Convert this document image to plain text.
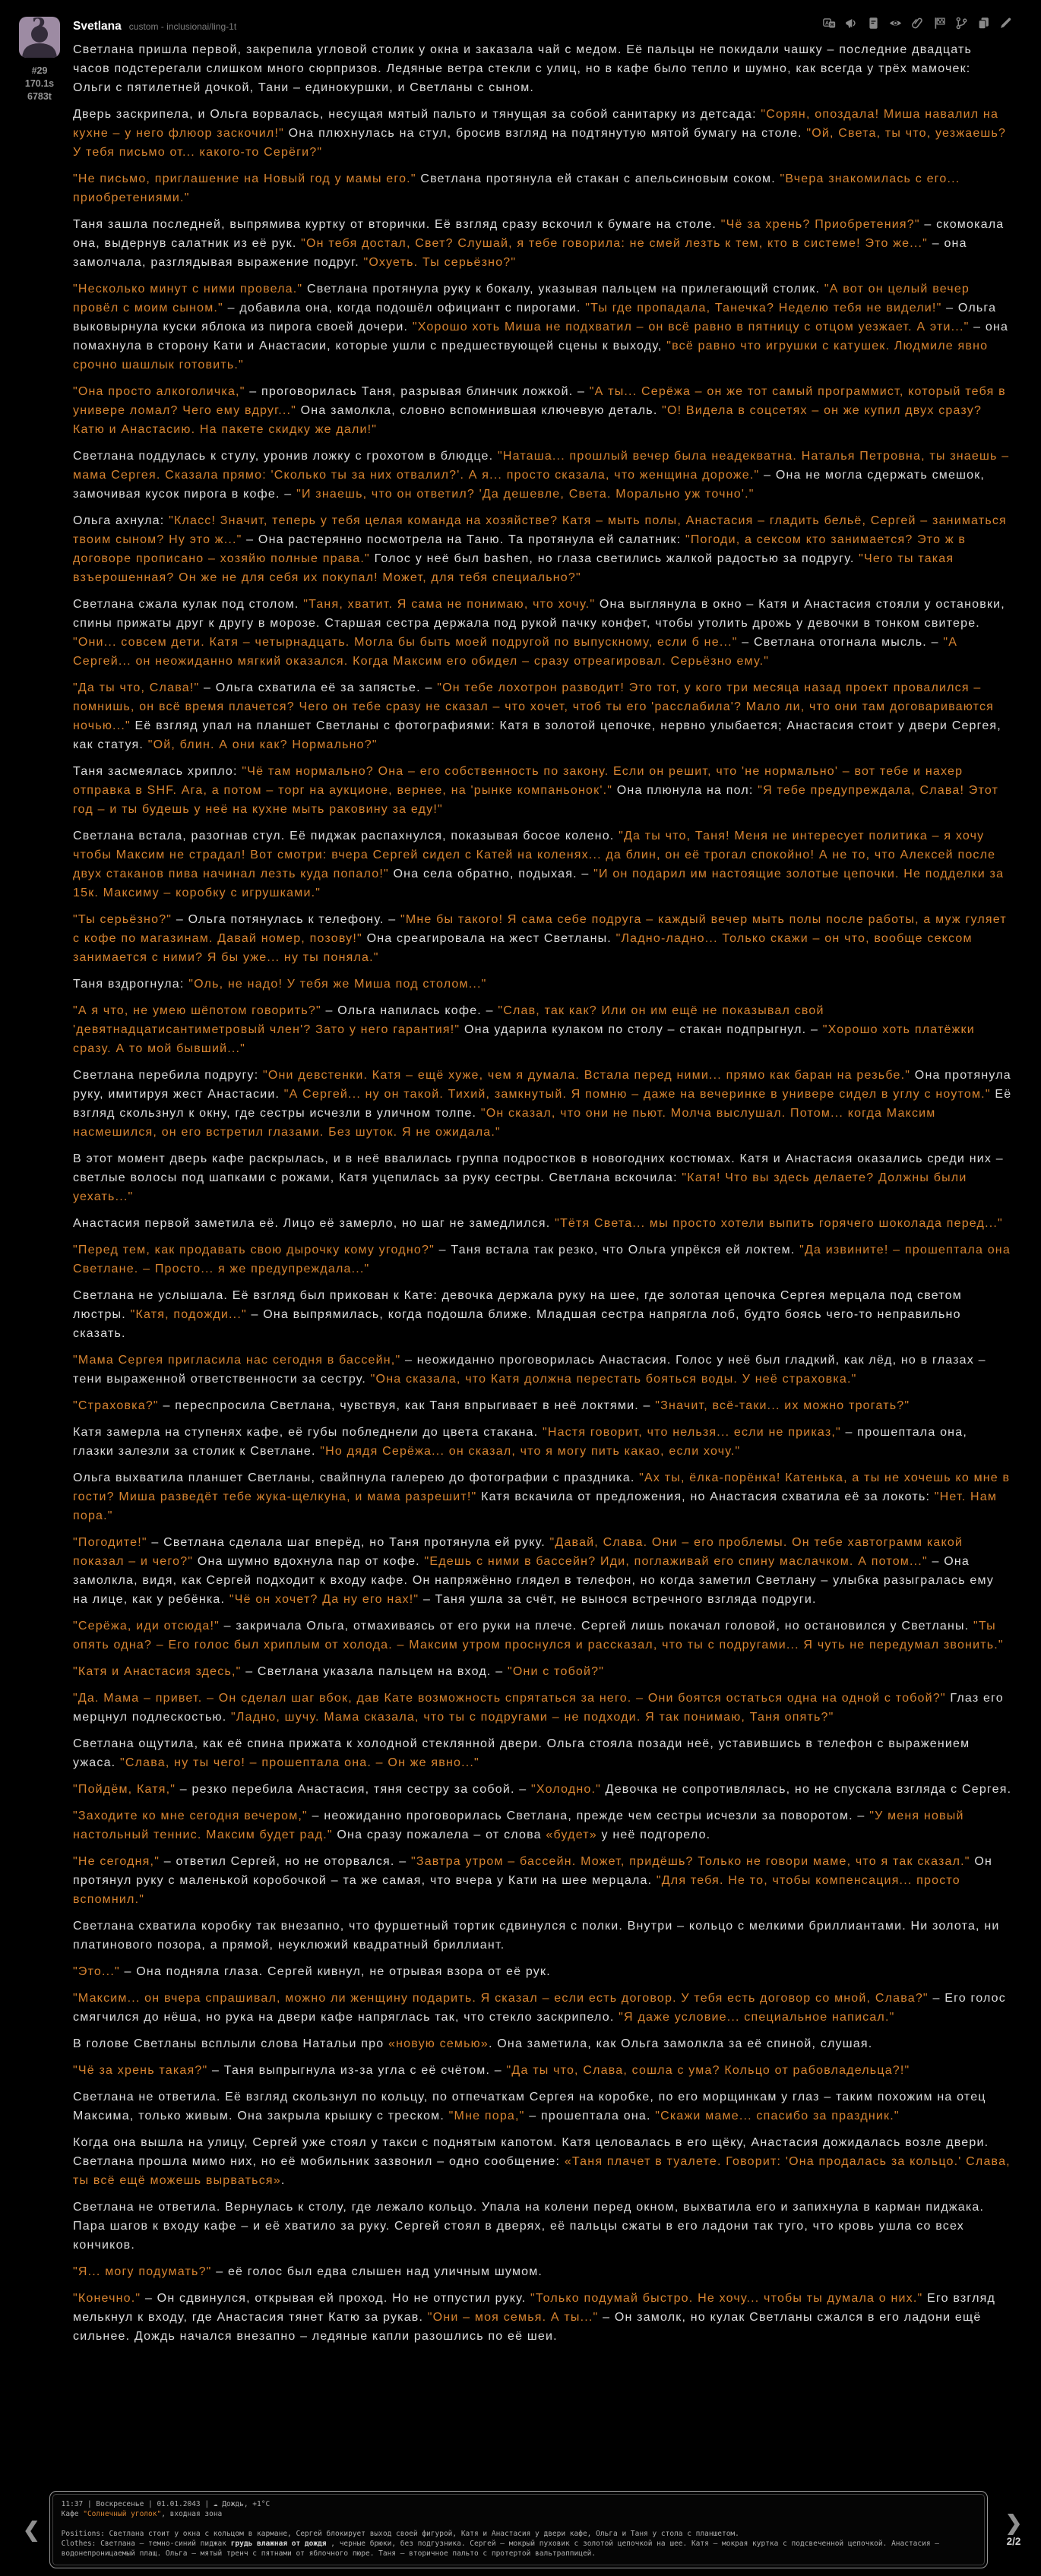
?
#29
170.1s
6783t
Svetlana custom - inclusionai/ling-1t	A Ж

Светлана пришла первой, закрепила угловой столик у окна и заказала чай с медом. Её пальцы не покидали чашку – последние двадцать часов подстерегали слишком много сюрпризов. Ледяные ветра стекли с улиц, но в кафе было тепло и шумно, как всегда у трёх мамочек: Ольги с пятилетней дочкой, Тани – единокуршки, и Светланы с сыном.

Дверь заскрипела, и Ольга ворвалась, несущая мятый пальто и тянущая за собой санитарку из детсада: "Сорян, опоздала! Миша навалил на кухне – у него флюор заскочил!" Она плюхнулась на стул, бросив взгляд на подтянутую мятой бумагу на столе. "Ой, Света, ты что, уезжаешь? У тебя письмо от... какого-то Серёги?"

"Не письмо, приглашение на Новый год у мамы его." Светлана протянула ей стакан с апельсиновым соком. "Вчера знакомилась с его... приобретениями."

Таня зашла последней, выпрямива куртку от вторички. Её взгляд сразу вскочил к бумаге на столе. "Чё за хрень? Приобретения?" – скомокала она, выдернув салатник из её рук. "Он тебя достал, Свет? Слушай, я тебе говорила: не смей лезть к тем, кто в системе! Это же..." – она замолчала, разглядывая выражение подруг. "Охуеть. Ты серьёзно?"

"Несколько минут с ними провела." Светлана протянула руку к бокалу, указывая пальцем на прилегающий столик. "А вот он целый вечер провёл с моим сыном." – добавила она, когда подошёл официант с пирогами. "Ты где пропадала, Танечка? Неделю тебя не видели!" – Ольга выковырнула куски яблока из пирога своей дочери. "Хорошо хоть Миша не подхватил – он всё равно в пятницу с отцом уезжает. А эти..." – она помахнула в сторону Кати и Анастасии, которые ушли с предшествующей сцены к выходу, "всё равно что игрушки с катушек. Людмиле явно срочно шашлык готовить."

"Она просто алкоголичка," – проговорилась Таня, разрывая блинчик ложкой. – "А ты... Серёжа – он же тот самый программист, который тебя в универе ломал? Чего ему вдруг..." Она замолкла, словно вспомнившая ключевую деталь. "О! Видела в соцсетях – он же купил двух сразу? Катю и Анастасию. На пакете скидку же дали!"

Светлана поддулась к стулу, уронив ложку с грохотом в блюдце. "Наташа... прошлый вечер была неадекватна. Наталья Петровна, ты знаешь – мама Сергея. Сказала прямо: 'Сколько ты за них отвалил?'. А я... просто сказала, что женщина дороже." – Она не могла сдержать смешок, замочивая кусок пирога в кофе. – "И знаешь, что он ответил? 'Да дешевле, Света. Морально уж точно'."

Ольга ахнула: "Класс! Значит, теперь у тебя целая команда на хозяйстве? Катя – мыть полы, Анастасия – гладить бельё, Сергей – заниматься твоим сыном? Ну это ж..." – Она растерянно посмотрела на Таню. Та протянула ей салатник: "Погоди, а сексом кто занимается? Это ж в договоре прописано – хозяйю полные права." Голос у неё был bashen, но глаза светились жалкой радостью за подругу. "Чего ты такая взъерошенная? Он же не для себя их покупал! Может, для тебя специально?"

Светлана сжала кулак под столом. "Таня, хватит. Я сама не понимаю, что хочу." Она выглянула в окно – Катя и Анастасия стояли у остановки, спины прижаты друг к другу в морозе. Старшая сестра держала под рукой пачку конфет, чтобы утолить дрожь у девочки в тонком свитере. "Они... совсем дети. Катя – четырнадцать. Могла бы быть моей подругой по выпускному, если б не..." – Светлана отогнала мысль. – "А Сергей... он неожиданно мягкий оказался. Когда Максим его обидел – сразу отреагировал. Серьёзно ему."

"Да ты что, Слава!" – Ольга схватила её за запястье. – "Он тебе лохотрон разводит! Это тот, у кого три месяца назад проект провалился – помнишь, он всё время плачется? Чего он тебе сразу не сказал – что хочет, чтоб ты его 'расслабила'? Мало ли, что они там договариваются ночью..." Её взгляд упал на планшет Светланы с фотографиями: Катя в золотой цепочке, нервно улыбается; Анастасия стоит у двери Сергея, как статуя. "Ой, блин. А они как? Нормально?"

Таня засмеялась хрипло: "Чё там нормально? Она – его собственность по закону. Если он решит, что 'не нормально' – вот тебе и нахер отправка в SHF. Ага, а потом – торг на аукционе, вернее, на 'рынке компаньонок'." Она плюнула на пол: "Я тебе предупреждала, Слава! Этот год – и ты будешь у неё на кухне мыть раковину за еду!"

Светлана встала, разогнав стул. Её пиджак распахнулся, показывая босое колено. "Да ты что, Таня! Меня не интересует политика – я хочу чтобы Максим не страдал! Вот смотри: вчера Сергей сидел с Катей на коленях... да блин, он её трогал спокойно! А не то, что Алексей после двух стаканов пива начинал лезть куда попало!" Она села обратно, подыхая. – "И он подарил им настоящие золотые цепочки. Не подделки за 15к. Максиму – коробку с игрушками."

"Ты серьёзно?" – Ольга потянулась к телефону. – "Мне бы такого! Я сама себе подруга – каждый вечер мыть полы после работы, а муж гуляет с кофе по магазинам. Давай номер, позову!" Она среагировала на жест Светланы. "Ладно-ладно... Только скажи – он что, вообще сексом занимается с ними? Я бы уже... ну ты поняла."

Таня вздрогнула: "Оль, не надо! У тебя же Миша под столом..."

"А я что, не умею шёпотом говорить?" – Ольга напилась кофе. – "Слав, так как? Или он им ещё не показывал свой 'девятнадцатисантиметровый член'? Зато у него гарантия!" Она ударила кулаком по столу – стакан подпрыгнул. – "Хорошо хоть платёжки сразу. А то мой бывший..."

Светлана перебила подругу: "Они девстенки. Катя – ещё хуже, чем я думала. Встала перед ними... прямо как баран на резьбе." Она протянула руку, имитируя жест Анастасии. "А Сергей... ну он такой. Тихий, замкнутый. Я помню – даже на вечеринке в универе сидел в углу с ноутом." Её взгляд скользнул к окну, где сестры исчезли в уличном толпе. "Он сказал, что они не пьют. Молча выслушал. Потом... когда Максим насмешился, он его встретил глазами. Без шуток. Я не ожидала."

В этот момент дверь кафе раскрылась, и в неё ввалилась группа подростков в новогодних костюмах. Катя и Анастасия оказались среди них – светлые волосы под шапками с рожами, Катя уцепилась за руку сестры. Светлана вскочила: "Катя! Что вы здесь делаете? Должны были уехать..."

Анастасия первой заметила её. Лицо её замерло, но шаг не замедлился. "Тётя Света... мы просто хотели выпить горячего шоколада перед..."

"Перед тем, как продавать свою дырочку кому угодно?" – Таня встала так резко, что Ольга упрёкся ей локтем. "Да извините! – прошептала она Светлане. – Просто... я же предупреждала..."

Светлана не услышала. Её взгляд был прикован к Кате: девочка держала руку на шее, где золотая цепочка Сергея мерцала под светом люстры. "Катя, подожди..." – Она выпрямилась, когда подошла ближе. Младшая сестра напрягла лоб, будто боясь чего-то неправильно сказать.

"Мама Сергея пригласила нас сегодня в бассейн," – неожиданно проговорилась Анастасия. Голос у неё был гладкий, как лёд, но в глазах – тени выраженной ответственности за сестру. "Она сказала, что Катя должна перестать бояться воды. У неё страховка."

"Страховка?" – переспросила Светлана, чувствуя, как Таня впрыгивает в неё локтями. – "Значит, всё-таки... их можно трогать?"

Катя замерла на ступенях кафе, её губы побледнели до цвета стакана. "Настя говорит, что нельзя... если не приказ," – прошептала она, глазки залезли за столик к Светлане. "Но дядя Серёжа... он сказал, что я могу пить какао, если хочу."

Ольга выхватила планшет Светланы, свайпнула галерею до фотографии с праздника. "Ах ты, ёлка-порёнка! Катенька, а ты не хочешь ко мне в гости? Миша разведёт тебе жука-щелкуна, и мама разрешит!" Катя вскачила от предложения, но Анастасия схватила её за локоть: "Нет. Нам пора."

"Погодите!" – Светлана сделала шаг вперёд, но Таня протянула ей руку. "Давай, Слава. Они – его проблемы. Он тебе хавтограмм какой показал – и чего?" Она шумно вдохнула пар от кофе. "Едешь с ними в бассейн? Иди, поглаживай его спину маслачком. А потом..." – Она замолкла, видя, как Сергей подходит к входу кафе. Он напряжённо глядел в телефон, но когда заметил Светлану – улыбка разыгралась ему на лице, как у ребёнка. "Чё он хочет? Да ну его нах!" – Таня ушла за счёт, не вынося встречного взгляда подруги.

"Серёжа, иди отсюда!" – закричала Ольга, отмахиваясь от его руки на плече. Сергей лишь покачал головой, но остановился у Светланы. "Ты опять одна? – Его голос был хриплым от холода. – Максим утром проснулся и рассказал, что ты с подругами... Я чуть не передумал звонить."

"Катя и Анастасия здесь," – Светлана указала пальцем на вход. – "Они с тобой?"

"Да. Мама – привет. – Он сделал шаг вбок, дав Кате возможность спрятаться за него. – Они боятся остаться одна на одной с тобой?" Глаз его мерцнул подлескостью. "Ладно, шучу. Мама сказала, что ты с подругами – не подходи. Я так понимаю, Таня опять?"

Светлана ощутила, как её спина прижата к холодной стеклянной двери. Ольга стояла позади неё, уставившись в телефон с выражением ужаса. "Слава, ну ты чего! – прошептала она. – Он же явно..."

"Пойдём, Катя," – резко перебила Анастасия, тяня сестру за собой. – "Холодно." Девочка не сопротивлялась, но не спускала взгляда с Сергея.

"Заходите ко мне сегодня вечером," – неожиданно проговорилась Светлана, прежде чем сестры исчезли за поворотом. – "У меня новый настольный теннис. Максим будет рад." Она сразу пожалела – от слова «будет» у неё подгорело.

"Не сегодня," – ответил Сергей, но не оторвался. – "Завтра утром – бассейн. Может, придёшь? Только не говори маме, что я так сказал." Он протянул руку с маленькой коробочкой – та же самая, что вчера у Кати на шее мерцала. "Для тебя. Не то, чтобы компенсация... просто вспомнил."

Светлана схватила коробку так внезапно, что фуршетный тортик сдвинулся с полки. Внутри – кольцо с мелкими бриллиантами. Ни золота, ни платинового позора, а прямой, неуклюжий квадратный бриллиант.

"Это..." – Она подняла глаза. Сергей кивнул, не отрывая взора от её рук.

"Максим... он вчера спрашивал, можно ли женщину подарить. Я сказал – если есть договор. У тебя есть договор со мной, Слава?" – Его голос смягчился до нёша, но рука на двери кафе напряглась так, что стекло заскрипело. "Я даже условие... специальное написал."

В голове Светланы всплыли слова Натальи про «новую семью». Она заметила, как Ольга замолкла за её спиной, слушая.

"Чё за хрень такая?" – Таня выпрыгнула из-за угла с её счётом. – "Да ты что, Слава, сошла с ума? Кольцо от рабовладельца?!"

Светлана не ответила. Её взгляд скользнул по кольцу, по отпечаткам Сергея на коробке, по его морщинкам у глаз – таким похожим на отец Максима, только живым. Она закрыла крышку с треском. "Мне пора," – прошептала она. "Скажи маме... спасибо за праздник."

Когда она вышла на улицу, Сергей уже стоял у такси с поднятым капотом. Катя целовалась в его щёку, Анастасия дожидалась возле двери. Светлана прошла мимо них, но её мобильник зазвонил – одно сообщение: «Таня плачет в туалете. Говорит: 'Она продалась за кольцо.' Слава, ты всё ещё можешь вырваться».

Светлана не ответила. Вернулась к столу, где лежало кольцо. Упала на колени перед окном, выхватила его и запихнула в карман пиджака. Пара шагов к входу кафе – и её хватило за руку. Сергей стоял в дверях, её пальцы сжаты в его ладони так туго, что кровь ушла со всех кончиков.

"Я... могу подумать?" – её голос был едва слышен над уличным шумом.

"Конечно." – Он сдвинулся, открывая ей проход. Но не отпустил руку. "Только подумай быстро. Не хочу... чтобы ты думала о них." Его взгляд мелькнул к входу, где Анастасия тянет Катю за рукав. "Они – моя семья. А ты..." – Он замолк, но кулак Светланы сжался в его ладони ещё сильнее. Дождь начался внезапно – ледяные капли разошлись по её шеи.

❮
11:37 | Воскресенье | 01.01.2043 | ☁ Дождь, +1°C
Кафе "Солнечный уголок", входная зона

Positions: Светлана стоит у окна с кольцом в кармане, Сергей блокирует выход своей фигурой, Катя и Анастасия у двери кафе, Ольга и Таня у стола с планшетом.
Clothes: Светлана – темно-синий пиджак грудь влажная от дождя , черные брюки, без подгузника. Сергей – мокрый пуховик с золотой цепочкой на шее. Катя – мокрая куртка с подсвеченной цепочкой. Анастасия – водонепроницаемый плащ. Ольга – мятый тренч с пятнами от яблочного пюре. Таня – вторичное пальто с протертой вальтраппицей.
❯
2/2
